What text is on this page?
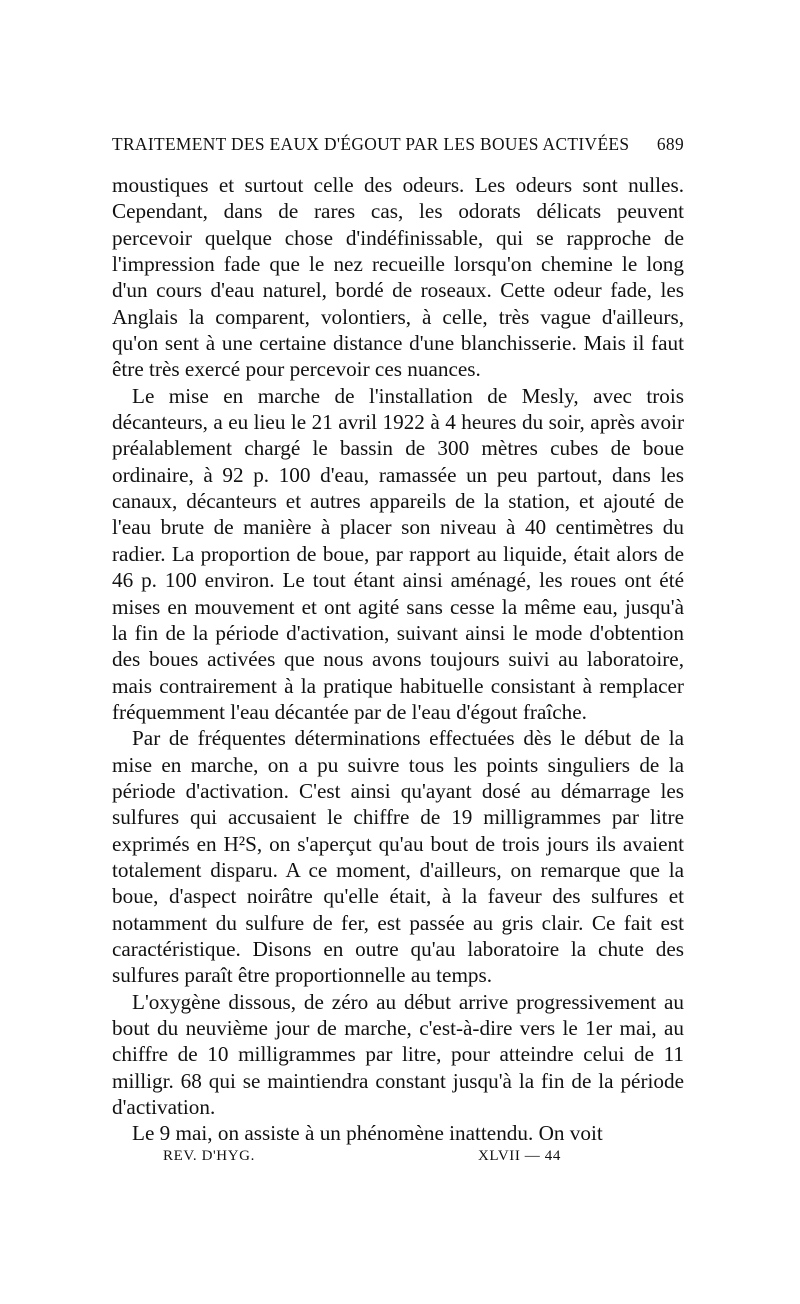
TRAITEMENT DES EAUX D'ÉGOUT PAR LES BOUES ACTIVÉES 689

moustiques et surtout celle des odeurs. Les odeurs sont nulles. Cependant, dans de rares cas, les odorats délicats peuvent percevoir quelque chose d'indéfinissable, qui se rapproche de l'impression fade que le nez recueille lorsqu'on chemine le long d'un cours d'eau naturel, bordé de roseaux. Cette odeur fade, les Anglais la comparent, volontiers, à celle, très vague d'ailleurs, qu'on sent à une certaine distance d'une blanchisserie. Mais il faut être très exercé pour percevoir ces nuances.

Le mise en marche de l'installation de Mesly, avec trois décanteurs, a eu lieu le 21 avril 1922 à 4 heures du soir, après avoir préalablement chargé le bassin de 300 mètres cubes de boue ordinaire, à 92 p. 100 d'eau, ramassée un peu partout, dans les canaux, décanteurs et autres appareils de la station, et ajouté de l'eau brute de manière à placer son niveau à 40 centimètres du radier. La proportion de boue, par rapport au liquide, était alors de 46 p. 100 environ. Le tout étant ainsi aménagé, les roues ont été mises en mouvement et ont agité sans cesse la même eau, jusqu'à la fin de la période d'activation, suivant ainsi le mode d'obtention des boues activées que nous avons toujours suivi au laboratoire, mais contrairement à la pratique habituelle consistant à remplacer fréquemment l'eau décantée par de l'eau d'égout fraîche.

Par de fréquentes déterminations effectuées dès le début de la mise en marche, on a pu suivre tous les points singuliers de la période d'activation. C'est ainsi qu'ayant dosé au démarrage les sulfures qui accusaient le chiffre de 19 milligrammes par litre exprimés en H²S, on s'aperçut qu'au bout de trois jours ils avaient totalement disparu. A ce moment, d'ailleurs, on remarque que la boue, d'aspect noirâtre qu'elle était, à la faveur des sulfures et notamment du sulfure de fer, est passée au gris clair. Ce fait est caractéristique. Disons en outre qu'au laboratoire la chute des sulfures paraît être proportionnelle au temps.

L'oxygène dissous, de zéro au début arrive progressivement au bout du neuvième jour de marche, c'est-à-dire vers le 1er mai, au chiffre de 10 milligrammes par litre, pour atteindre celui de 11 milligr. 68 qui se maintiendra constant jusqu'à la fin de la période d'activation.

Le 9 mai, on assiste à un phénomène inattendu. On voit

REV. D'HYG.	XLVII — 44
